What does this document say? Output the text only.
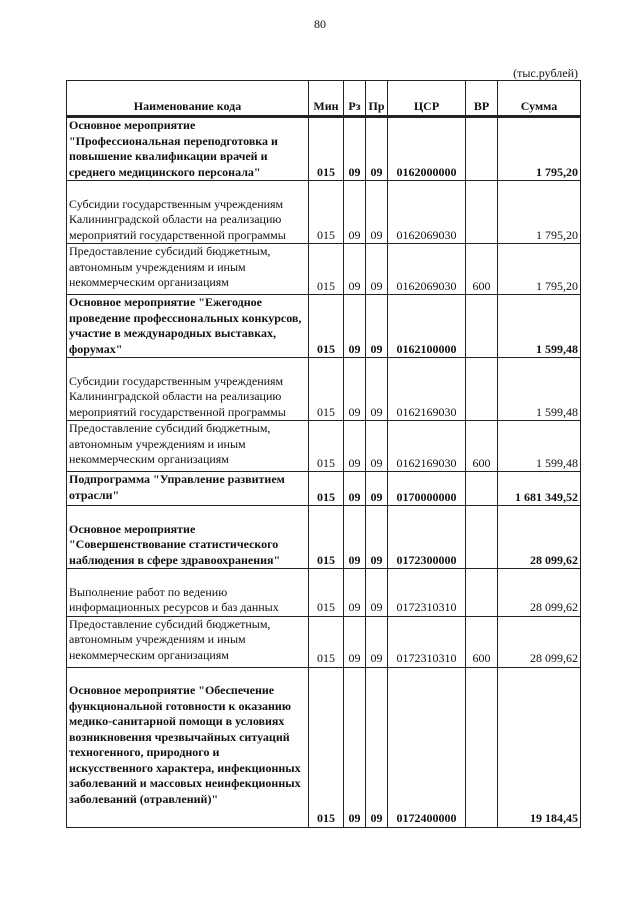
80
(тыс.рублей)
Наименование кода	Мин	Рз	Пр	ЦСР	ВР	Сумма
Основное мероприятие
"Профессиональная переподготовка и повышение квалификации врачей и среднего медицинского персонала"	015	09	09	0162000000		1 795,20

Субсидии государственным учреждениям Калининградской области на реализацию мероприятий государственной программы	015	09	09	0162069030		1 795,20
Предоставление субсидий бюджетным, автономным учреждениям и иным некоммерческим организациям	015	09	09	0162069030	600	1 795,20
Основное мероприятие "Ежегодное проведение профессиональных конкурсов, участие в международных выставках, форумах"	015	09	09	0162100000		1 599,48

Субсидии государственным учреждениям Калининградской области на реализацию мероприятий государственной программы	015	09	09	0162169030		1 599,48
Предоставление субсидий бюджетным, автономным учреждениям и иным некоммерческим организациям	015	09	09	0162169030	600	1 599,48
Подпрограмма "Управление развитием отрасли"	015	09	09	0170000000		1 681 349,52

Основное мероприятие
"Совершенствование статистического наблюдения в сфере здравоохранения"	015	09	09	0172300000		28 099,62

Выполнение работ по ведению информационных ресурсов и баз данных	015	09	09	0172310310		28 099,62
Предоставление субсидий бюджетным, автономным учреждениям и иным некоммерческим организациям	015	09	09	0172310310	600	28 099,62

Основное мероприятие "Обеспечение функциональной готовности к оказанию медико-санитарной помощи в условиях возникновения чрезвычайных ситуаций техногенного, природного и искусственного характера, инфекционных заболеваний и массовых неинфекционных заболеваний (отравлений)"	015	09	09	0172400000		19 184,45
